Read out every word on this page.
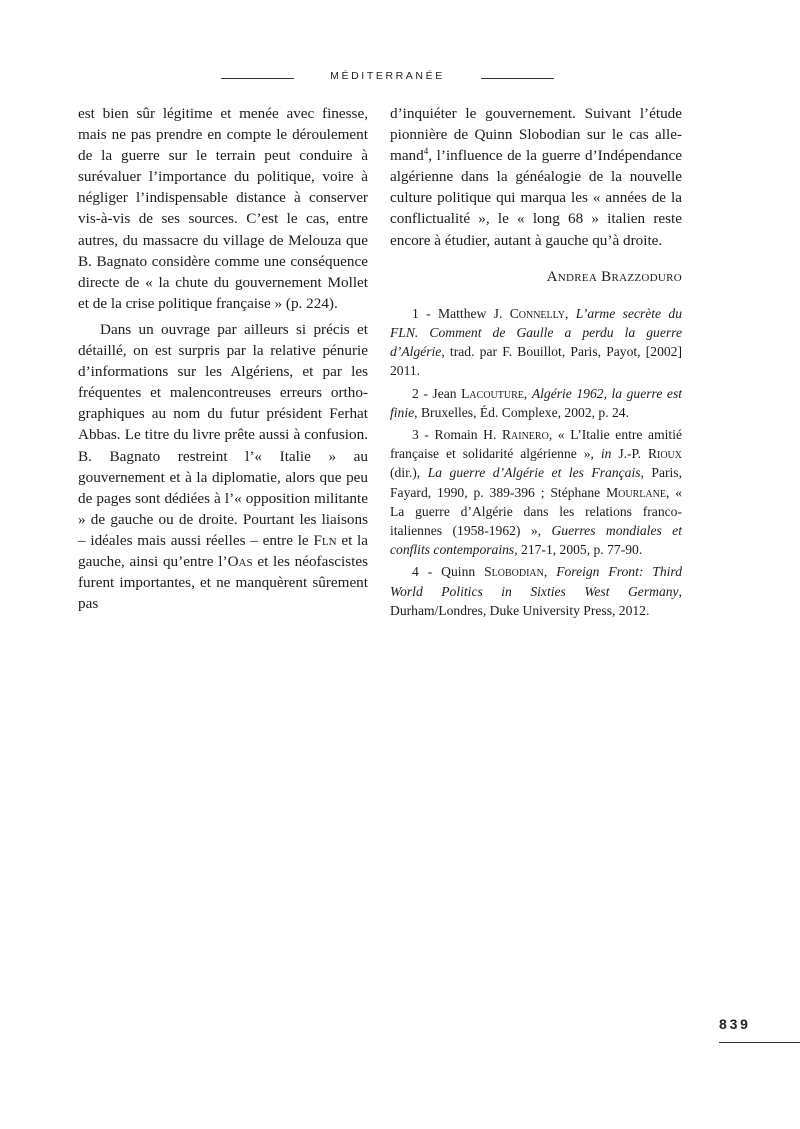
MÉDITERRANÉE

est bien sûr légitime et menée avec finesse, mais ne pas prendre en compte le déroulement de la guerre sur le terrain peut conduire à surévaluer l’importance du politique, voire à négliger l’indispensable distance à conserver vis-à-vis de ses sources. C’est le cas, entre autres, du massacre du village de Melouza que B. Bagnato considère comme une conséquence directe de « la chute du gouvernement Mollet et de la crise politique française » (p. 224).

Dans un ouvrage par ailleurs si précis et détaillé, on est surpris par la relative pénurie d’informations sur les Algériens, et par les fréquentes et malencontreuses erreurs orthographiques au nom du futur président Ferhat Abbas. Le titre du livre prête aussi à confusion. B. Bagnato restreint l’« Italie » au gouvernement et à la diplomatie, alors que peu de pages sont dédiées à l’« opposition militante » de gauche ou de droite. Pourtant les liaisons – idéales mais aussi réelles – entre le Fln et la gauche, ainsi qu’entre l’Oas et les néofascistes furent importantes, et ne manquèrent sûrement pas

d’inquiéter le gouvernement. Suivant l’étude pionnière de Quinn Slobodian sur le cas allemand$^4$, l’influence de la guerre d’Indépendance algérienne dans la généalogie de la nouvelle culture politique qui marqua les « années de la conflictualité », le « long 68 » italien reste encore à étudier, autant à gauche qu’à droite.

Andrea Brazzoduro

1 - Matthew J. Connelly, L’arme secrète du FLN. Comment de Gaulle a perdu la guerre d’Algérie, trad. par F. Bouillot, Paris, Payot, [2002] 2011.

2 - Jean Lacouture, Algérie 1962, la guerre est finie, Bruxelles, Éd. Complexe, 2002, p. 24.

3 - Romain H. Rainero, « L’Italie entre amitié française et solidarité algérienne », in J.-P. Rioux (dir.), La guerre d’Algérie et les Français, Paris, Fayard, 1990, p. 389-396 ; Stéphane Mourlane, « La guerre d’Algérie dans les relations franco-italiennes (1958-1962) », Guerres mondiales et conflits contemporains, 217-1, 2005, p. 77-90.

4 - Quinn Slobodian, Foreign Front: Third World Politics in Sixties West Germany, Durham/Londres, Duke University Press, 2012.

839
